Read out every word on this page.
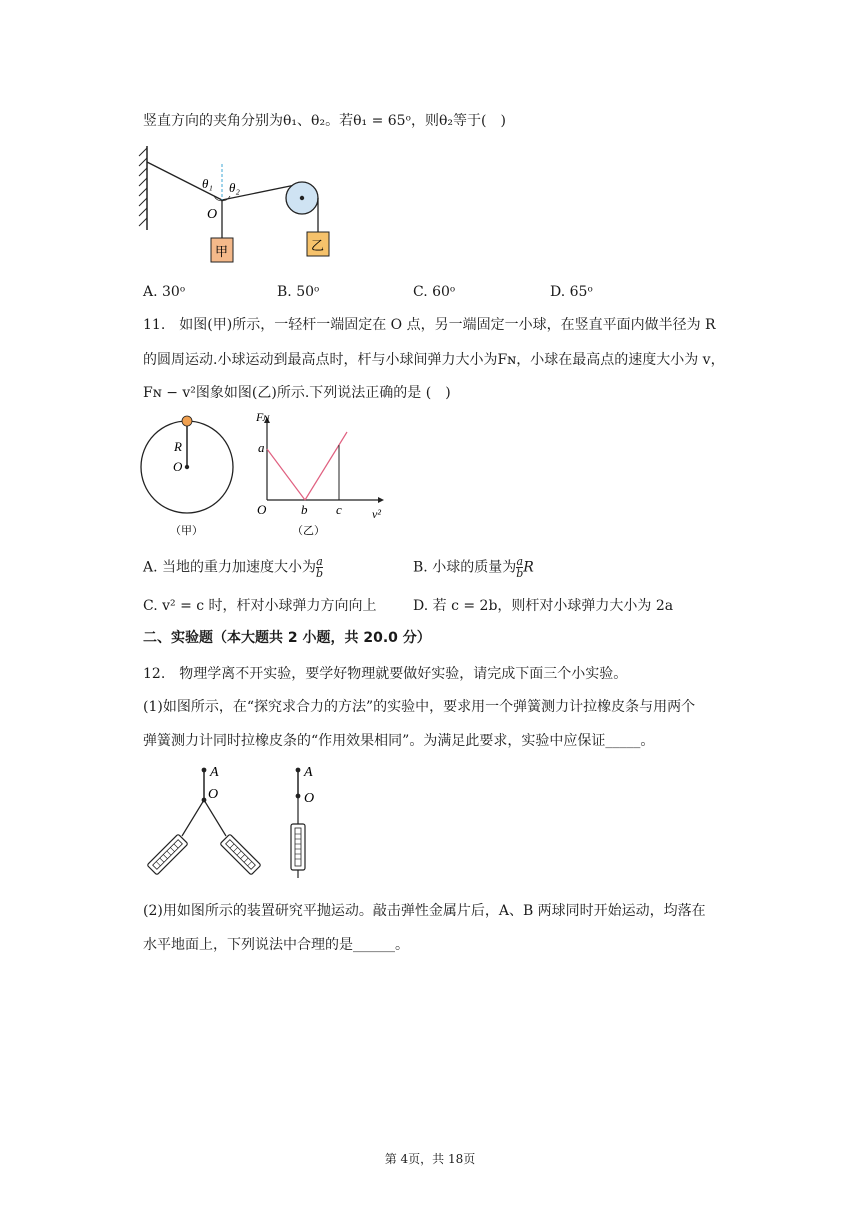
竖直方向的夹角分别为θ₁、θ₂。若θ₁ = 65ᵒ，则θ₂等于(　)
θ₁ θ₂
O
甲	乙
A. 30ᵒ	B. 50ᵒ	C. 60ᵒ	D. 65ᵒ
11.　如图(甲)所示，一轻杆一端固定在 O 点，另一端固定一小球，在竖直平面内做半径为 R
的圆周运动.小球运动到最高点时，杆与小球间弹力大小为Fɴ，小球在最高点的速度大小为 v，
Fɴ − v²图象如图(乙)所示.下列说法正确的是 (　)
R
O
（甲）
Fɴ
v²
a
b c
O
（乙）
A. 当地的重力加速度大小为 $\frac{a}{b}$	B. 小球的质量为 $\frac{a}{b}$ R
C. v² = c 时，杆对小球弹力方向向上	D. 若 c = 2b，则杆对小球弹力大小为 2a
二、实验题（本大题共 2 小题，共 20.0 分）
12.　物理学离不开实验，要学好物理就要做好实验，请完成下面三个小实验。
(1)如图所示，在“探究求合力的方法”的实验中，要求用一个弹簧测力计拉橡皮条与用两个
弹簧测力计同时拉橡皮条的“作用效果相同”。为满足此要求，实验中应保证_____。
A
O
A
O
(2)用如图所示的装置研究平抛运动。敲击弹性金属片后，A、B 两球同时开始运动，均落在
水平地面上，下列说法中合理的是______。
第 4页，共 18页
